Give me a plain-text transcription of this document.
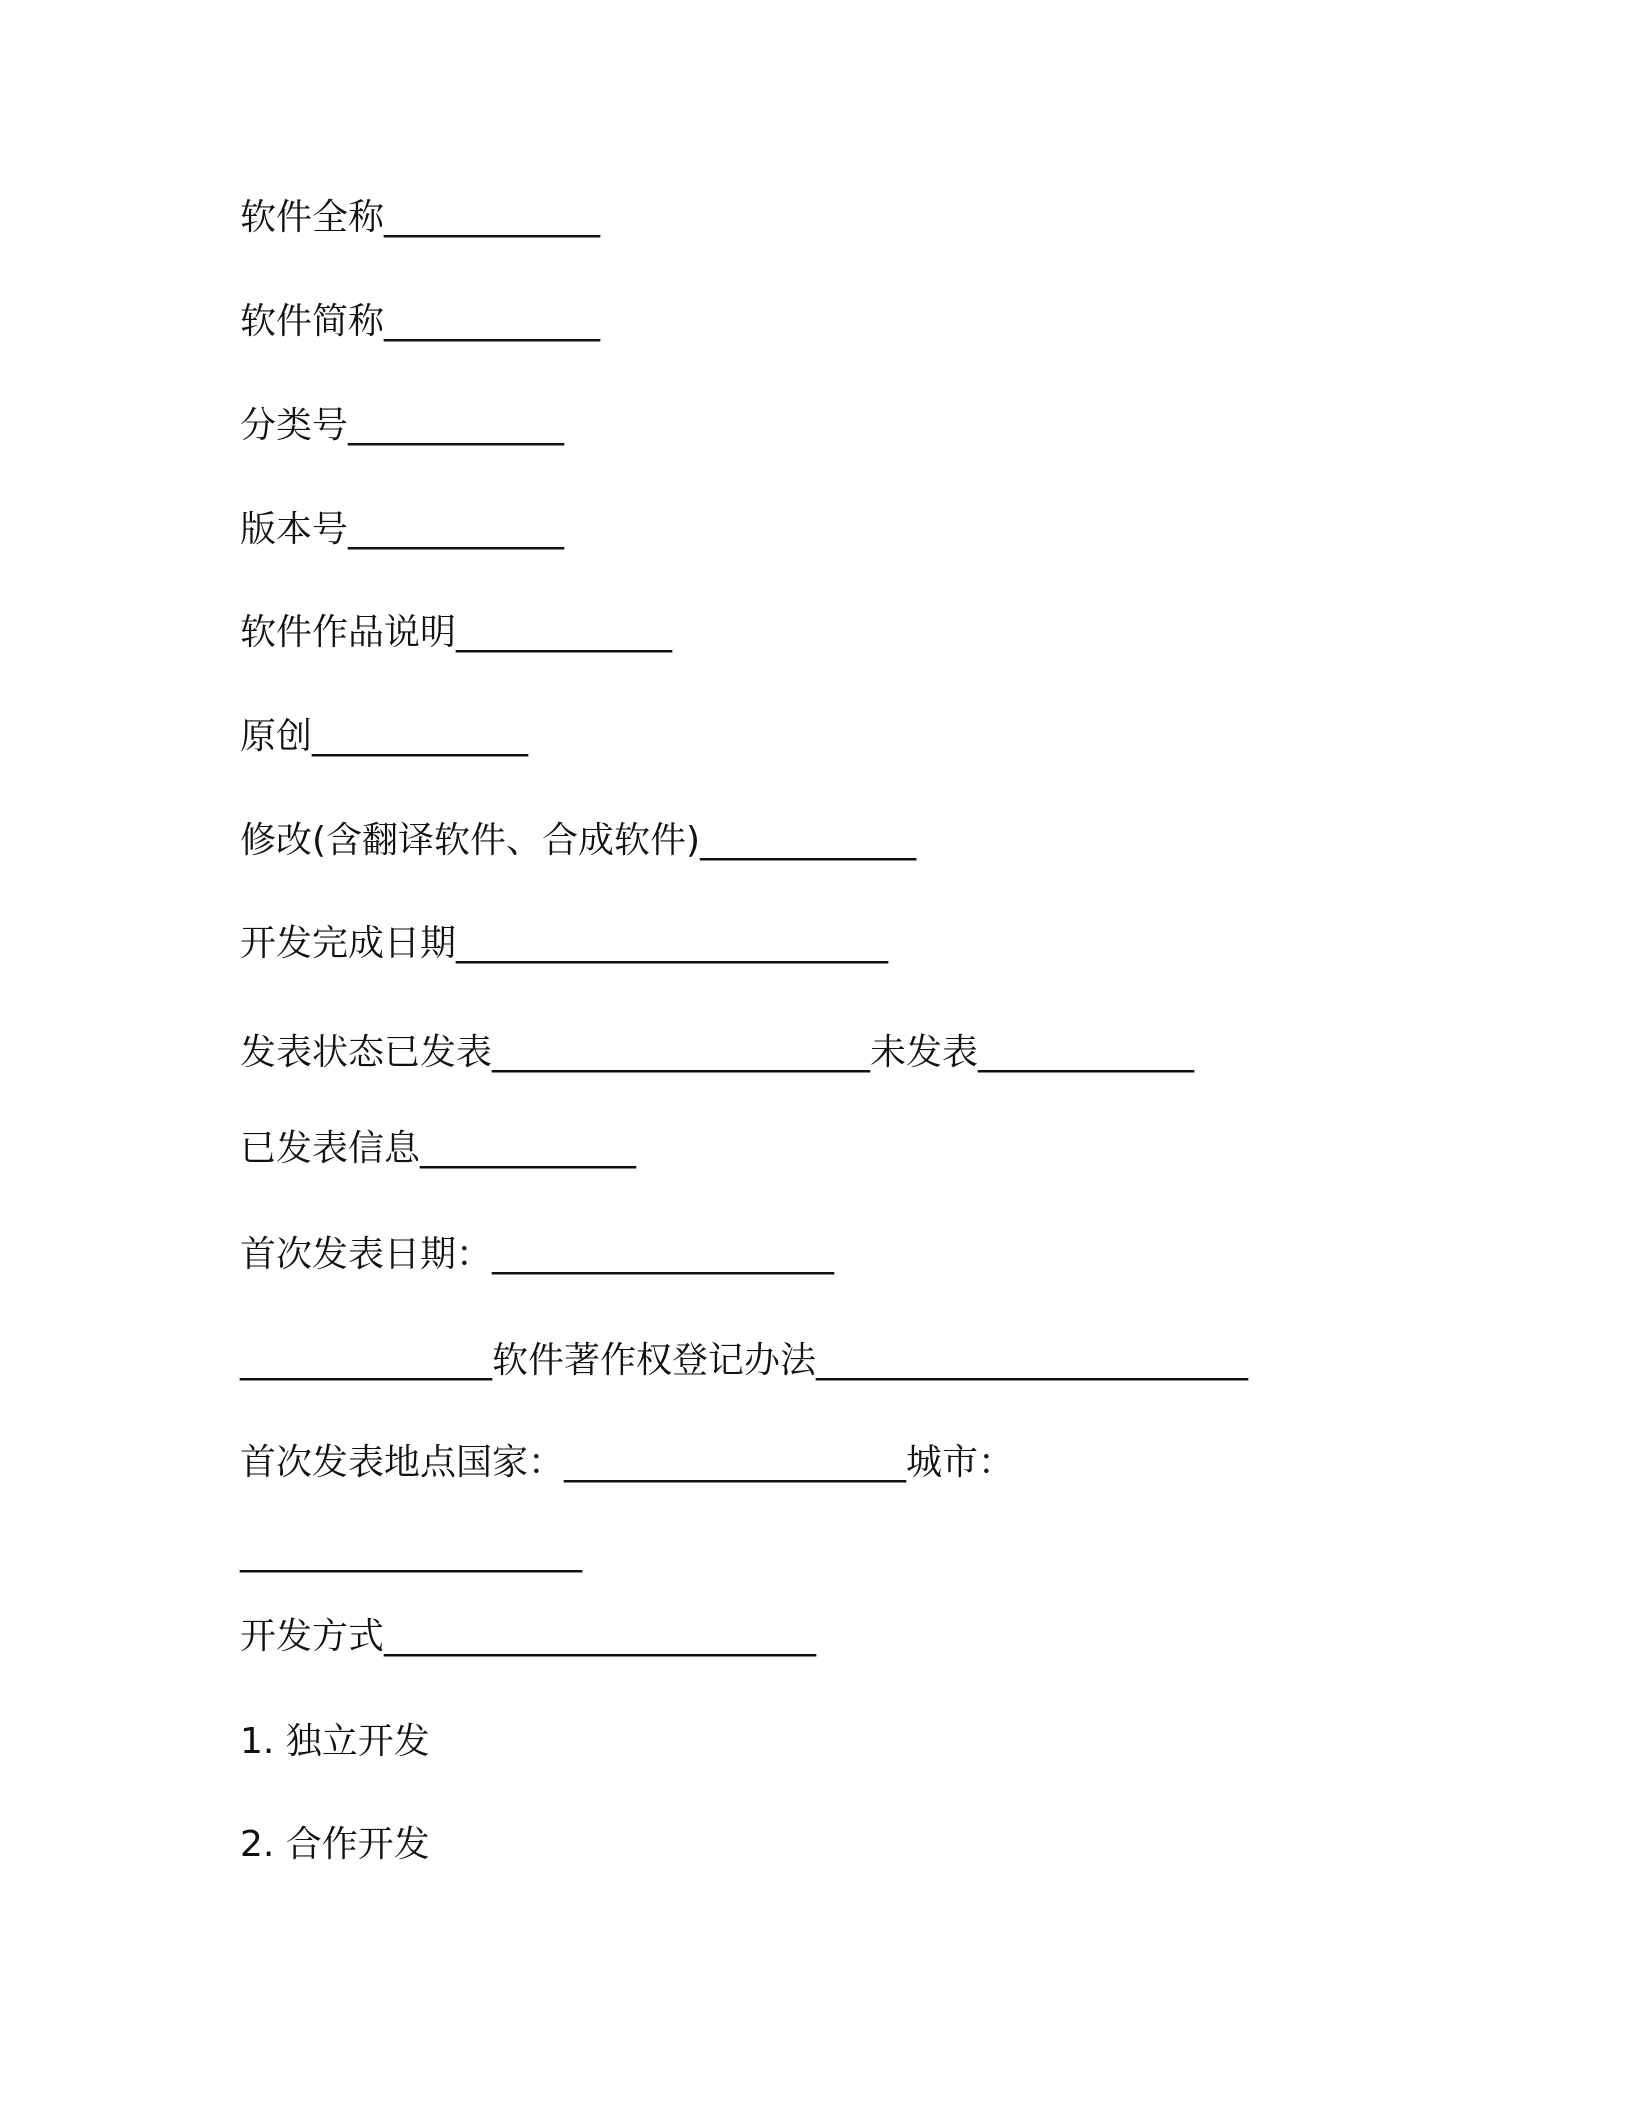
软件全称____________
软件简称____________
分类号____________
版本号____________
软件作品说明____________
原创____________
修改(含翻译软件、合成软件)____________
开发完成日期________________________
发表状态已发表_____________________未发表____________
已发表信息____________
首次发表日期：___________________
______________软件著作权登记办法________________________
首次发表地点国家：___________________城市：
___________________
开发方式________________________
1. 独立开发
2. 合作开发
